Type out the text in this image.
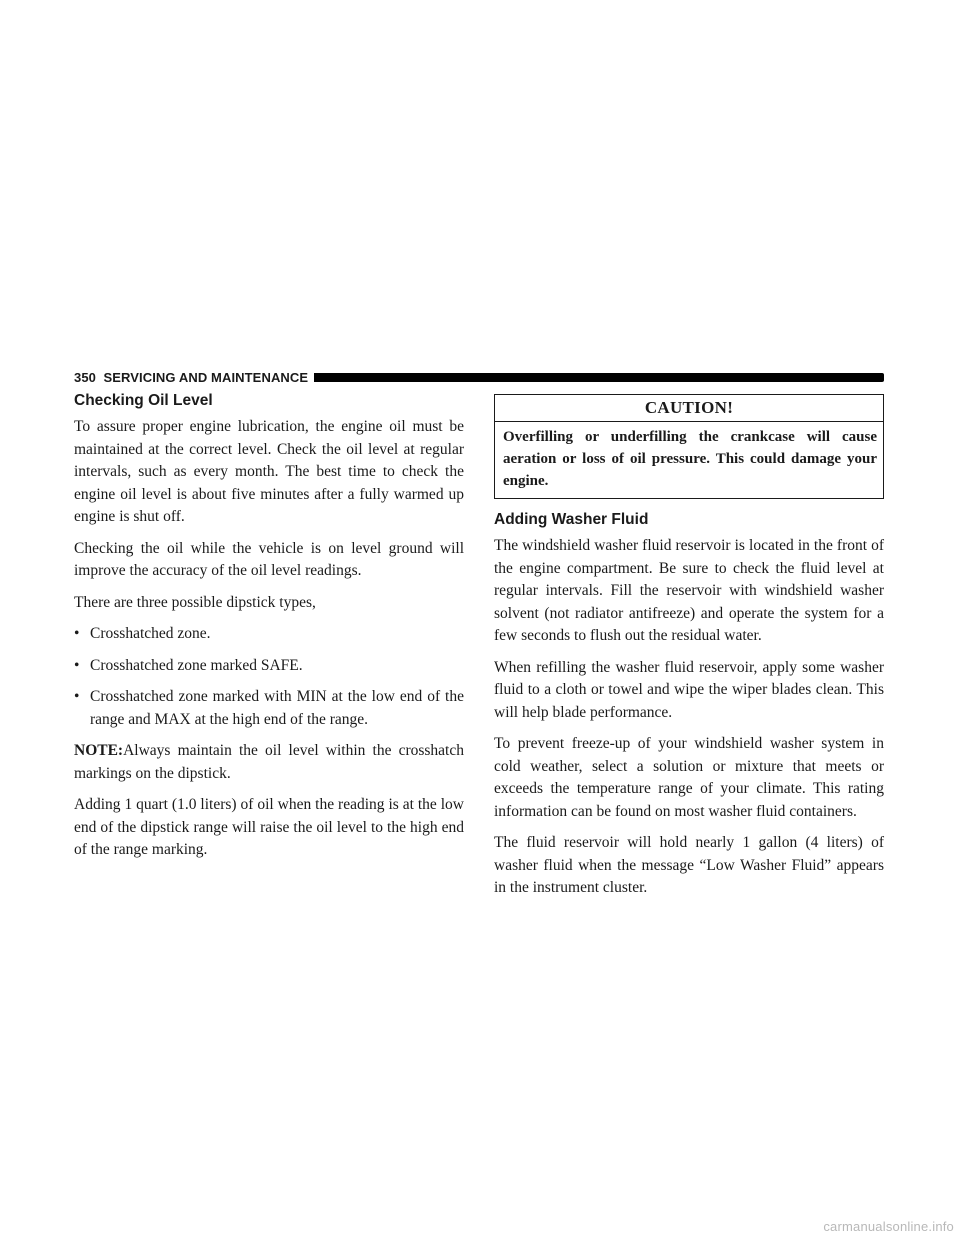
350 SERVICING AND MAINTENANCE
Checking Oil Level

To assure proper engine lubrication, the engine oil must be maintained at the correct level. Check the oil level at regular intervals, such as every month. The best time to check the engine oil level is about five minutes after a fully warmed up engine is shut off.

Checking the oil while the vehicle is on level ground will improve the accuracy of the oil level readings.

There are three possible dipstick types,

• Crosshatched zone.
• Crosshatched zone marked SAFE.
• Crosshatched zone marked with MIN at the low end of the range and MAX at the high end of the range.

NOTE:Always maintain the oil level within the crosshatch markings on the dipstick.

Adding 1 quart (1.0 liters) of oil when the reading is at the low end of the dipstick range will raise the oil level to the high end of the range marking.

CAUTION!
Overfilling or underfilling the crankcase will cause aeration or loss of oil pressure. This could damage your engine.
Adding Washer Fluid

The windshield washer fluid reservoir is located in the front of the engine compartment. Be sure to check the fluid level at regular intervals. Fill the reservoir with windshield washer solvent (not radiator antifreeze) and operate the system for a few seconds to flush out the residual water.

When refilling the washer fluid reservoir, apply some washer fluid to a cloth or towel and wipe the wiper blades clean. This will help blade performance.

To prevent freeze-up of your windshield washer system in cold weather, select a solution or mixture that meets or exceeds the temperature range of your climate. This rating information can be found on most washer fluid containers.

The fluid reservoir will hold nearly 1 gallon (4 liters) of washer fluid when the message “Low Washer Fluid” appears in the instrument cluster.

carmanualsonline.info
